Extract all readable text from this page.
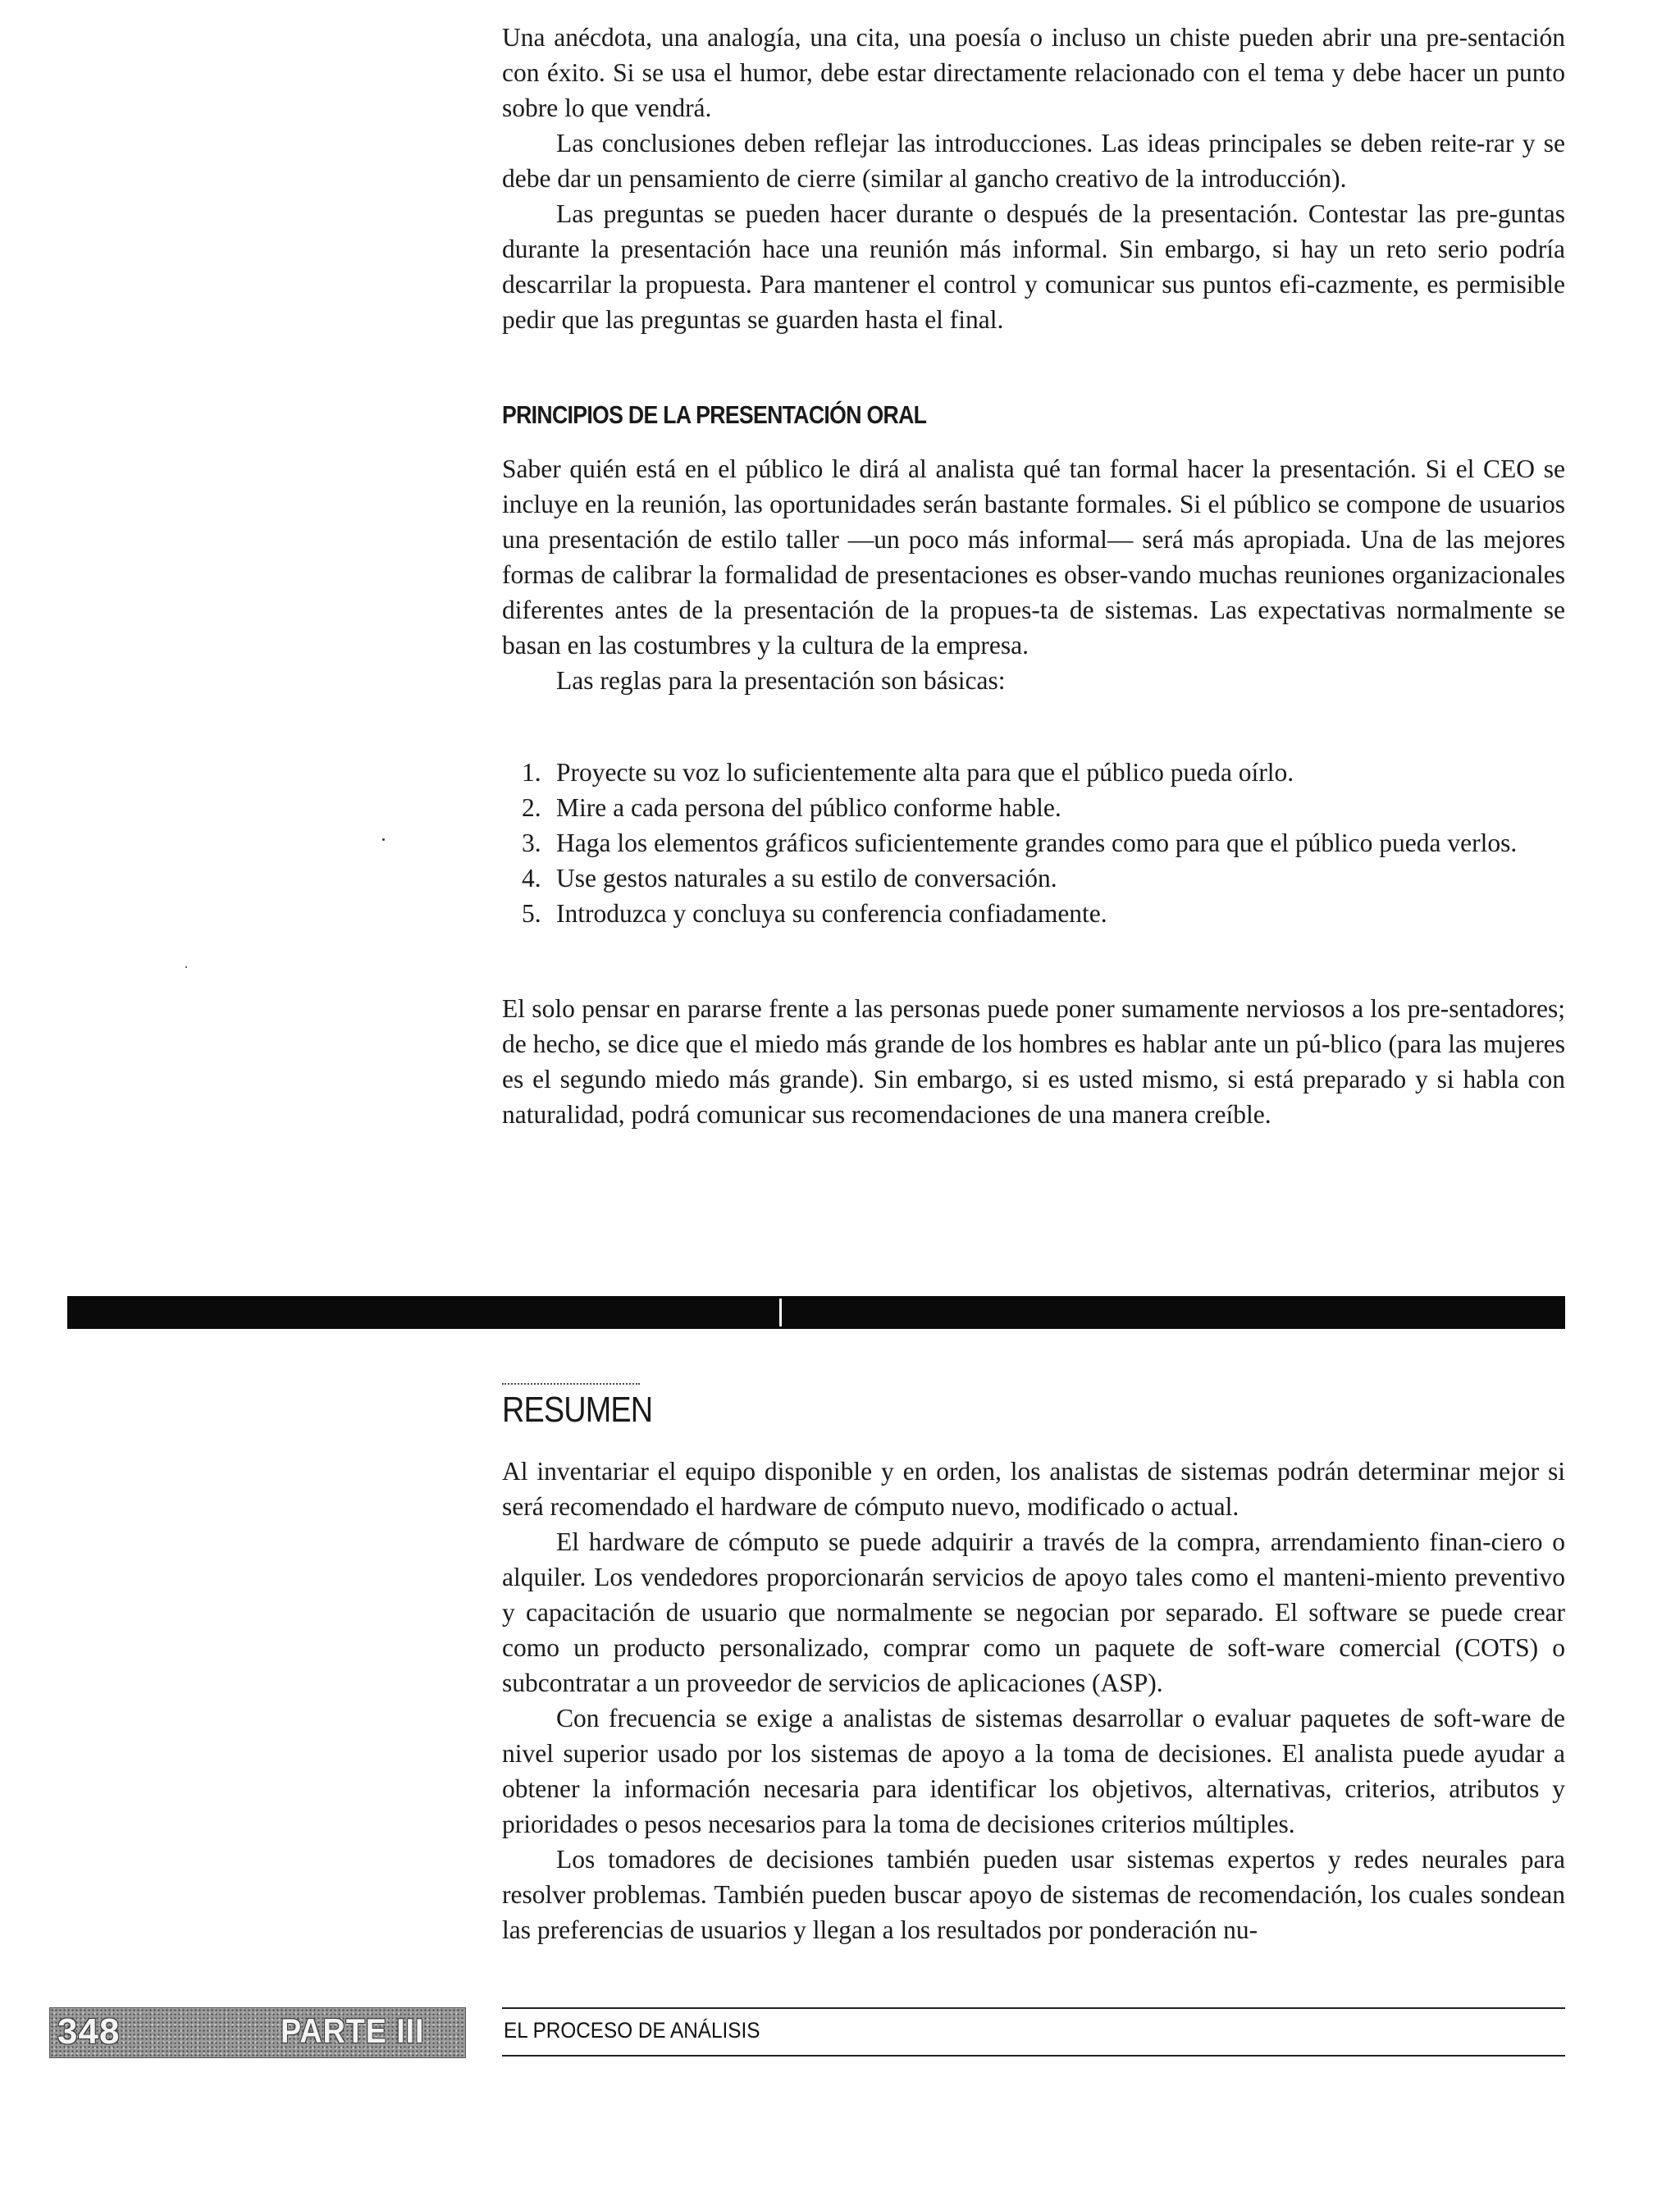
Una anécdota, una analogía, una cita, una poesía o incluso un chiste pueden abrir una pre-sentación con éxito. Si se usa el humor, debe estar directamente relacionado con el tema y debe hacer un punto sobre lo que vendrá.

Las conclusiones deben reflejar las introducciones. Las ideas principales se deben reite-rar y se debe dar un pensamiento de cierre (similar al gancho creativo de la introducción).

Las preguntas se pueden hacer durante o después de la presentación. Contestar las pre-guntas durante la presentación hace una reunión más informal. Sin embargo, si hay un reto serio podría descarrilar la propuesta. Para mantener el control y comunicar sus puntos efi-cazmente, es permisible pedir que las preguntas se guarden hasta el final.

PRINCIPIOS DE LA PRESENTACIÓN ORAL

Saber quién está en el público le dirá al analista qué tan formal hacer la presentación. Si el CEO se incluye en la reunión, las oportunidades serán bastante formales. Si el público se compone de usuarios una presentación de estilo taller —un poco más informal— será más apropiada. Una de las mejores formas de calibrar la formalidad de presentaciones es obser-vando muchas reuniones organizacionales diferentes antes de la presentación de la propues-ta de sistemas. Las expectativas normalmente se basan en las costumbres y la cultura de la empresa.

Las reglas para la presentación son básicas:

1. Proyecte su voz lo suficientemente alta para que el público pueda oírlo.
2. Mire a cada persona del público conforme hable.
3. Haga los elementos gráficos suficientemente grandes como para que el público pueda verlos.
4. Use gestos naturales a su estilo de conversación.
5. Introduzca y concluya su conferencia confiadamente.

El solo pensar en pararse frente a las personas puede poner sumamente nerviosos a los pre-sentadores; de hecho, se dice que el miedo más grande de los hombres es hablar ante un pú-blico (para las mujeres es el segundo miedo más grande). Sin embargo, si es usted mismo, si está preparado y si habla con naturalidad, podrá comunicar sus recomendaciones de una manera creíble.

RESUMEN

Al inventariar el equipo disponible y en orden, los analistas de sistemas podrán determinar mejor si será recomendado el hardware de cómputo nuevo, modificado o actual.

El hardware de cómputo se puede adquirir a través de la compra, arrendamiento finan-ciero o alquiler. Los vendedores proporcionarán servicios de apoyo tales como el manteni-miento preventivo y capacitación de usuario que normalmente se negocian por separado. El software se puede crear como un producto personalizado, comprar como un paquete de soft-ware comercial (COTS) o subcontratar a un proveedor de servicios de aplicaciones (ASP).

Con frecuencia se exige a analistas de sistemas desarrollar o evaluar paquetes de soft-ware de nivel superior usado por los sistemas de apoyo a la toma de decisiones. El analista puede ayudar a obtener la información necesaria para identificar los objetivos, alternativas, criterios, atributos y prioridades o pesos necesarios para la toma de decisiones criterios múltiples.

Los tomadores de decisiones también pueden usar sistemas expertos y redes neurales para resolver problemas. También pueden buscar apoyo de sistemas de recomendación, los cuales sondean las preferencias de usuarios y llegan a los resultados por ponderación nu-

348	PARTE III	EL PROCESO DE ANÁLISIS
